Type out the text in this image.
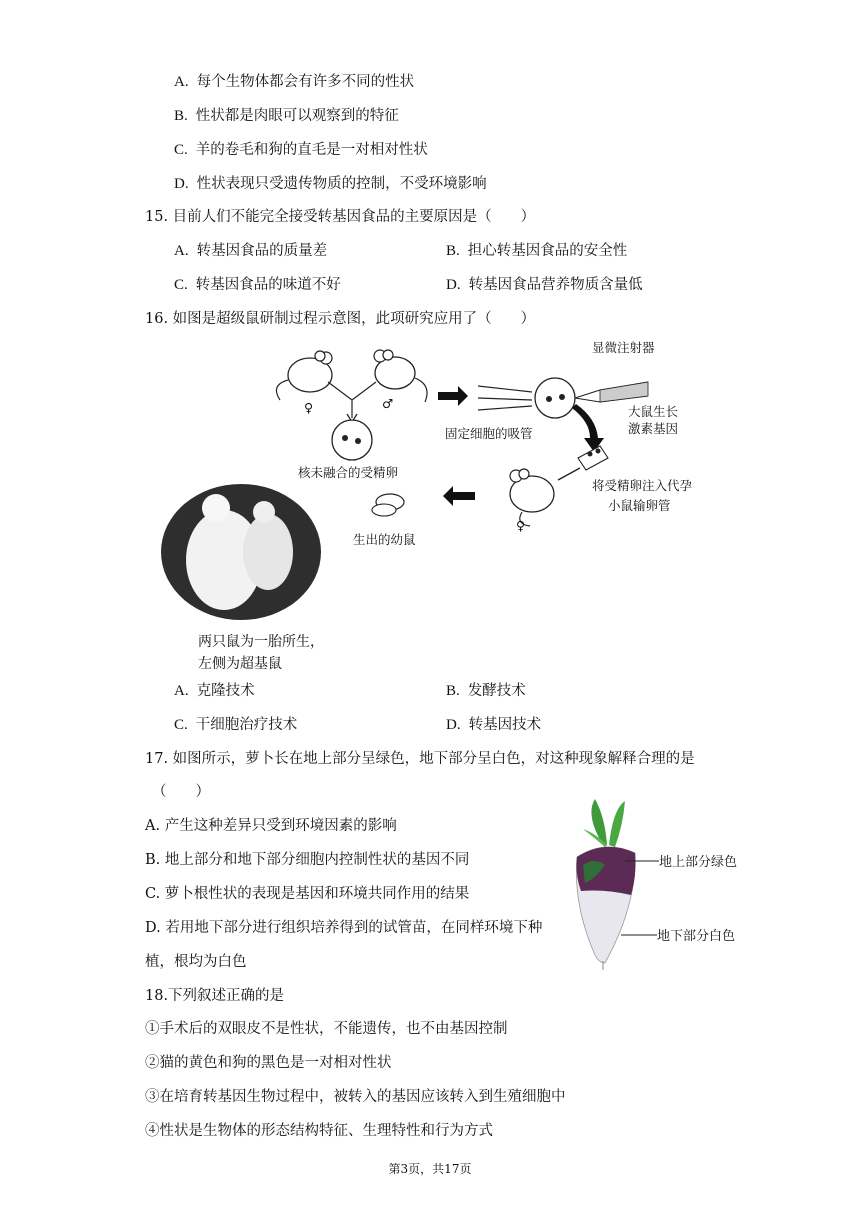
A. 每个生物体都会有许多不同的性状
B. 性状都是肉眼可以观察到的特征
C. 羊的卷毛和狗的直毛是一对相对性状
D. 性状表现只受遗传物质的控制，不受环境影响
15. 目前人们不能完全接受转基因食品的主要原因是（　　）
A. 转基因食品的质量差	B. 担心转基因食品的安全性
C. 转基因食品的味道不好	D. 转基因食品营养物质含量低
16. 如图是超级鼠研制过程示意图，此项研究应用了（　　）
♀	♂
核未融合的受精卵
显微注射器
固定细胞的吸管
大鼠生长
激素基因
♀
将受精卵注入代孕
小鼠输卵管
生出的幼鼠
两只鼠为一胎所生，
左侧为超基鼠
A. 克隆技术	B. 发酵技术
C. 干细胞治疗技术	D. 转基因技术
17. 如图所示，萝卜长在地上部分呈绿色，地下部分呈白色，对这种现象解释合理的是
（　　）
A. 产生这种差异只受到环境因素的影响
B. 地上部分和地下部分细胞内控制性状的基因不同
C. 萝卜根性状的表现是基因和环境共同作用的结果
D. 若用地下部分进行组织培养得到的试管苗，在同样环境下种
植，根均为白色
地上部分绿色
地下部分白色
18.下列叙述正确的是
①手术后的双眼皮不是性状，不能遗传，也不由基因控制
②猫的黄色和狗的黑色是一对相对性状
③在培育转基因生物过程中，被转入的基因应该转入到生殖细胞中
④性状是生物体的形态结构特征、生理特性和行为方式
第3页，共17页
